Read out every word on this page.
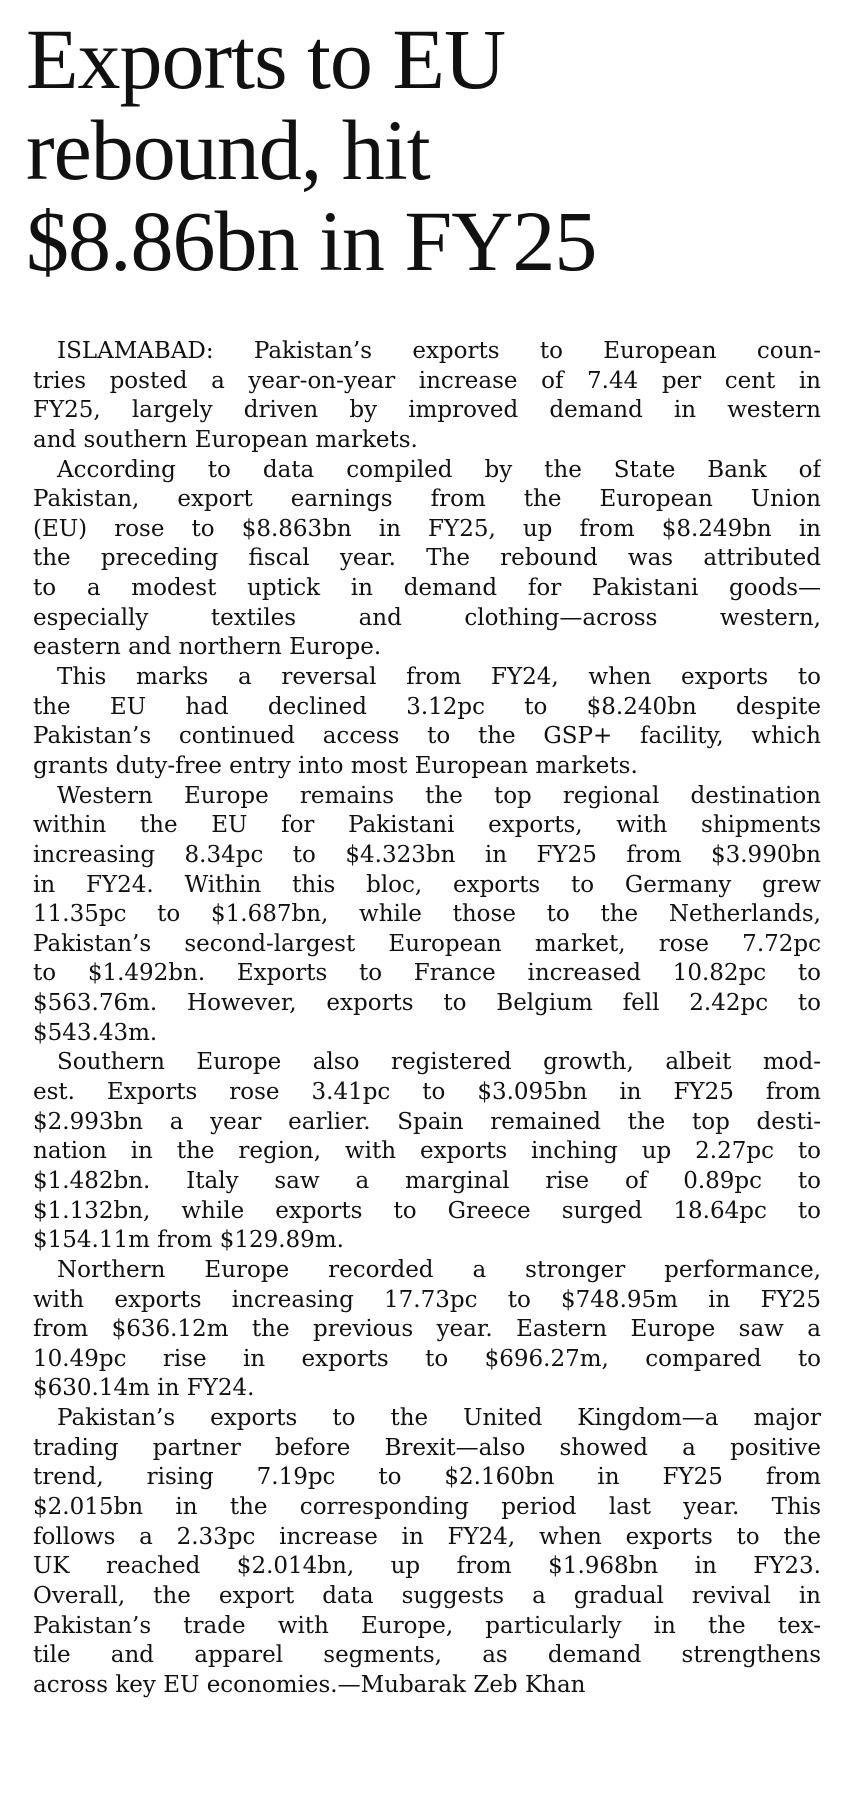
Exports to EU
rebound, hit
$8.86bn in FY25

ISLAMABAD: Pakistan’s exports to European coun-
tries posted a year-on-year increase of 7.44 per cent in
FY25, largely driven by improved demand in western
and southern European markets.

According to data compiled by the State Bank of
Pakistan, export earnings from the European Union
(EU) rose to $8.863bn in FY25, up from $8.249bn in
the preceding fiscal year. The rebound was attributed
to a modest uptick in demand for Pakistani goods—
especially textiles and clothing—across western,
eastern and northern Europe.

This marks a reversal from FY24, when exports to
the EU had declined 3.12pc to $8.240bn despite
Pakistan’s continued access to the GSP+ facility, which
grants duty-free entry into most European markets.

Western Europe remains the top regional destination
within the EU for Pakistani exports, with shipments
increasing 8.34pc to $4.323bn in FY25 from $3.990bn
in FY24. Within this bloc, exports to Germany grew
11.35pc to $1.687bn, while those to the Netherlands,
Pakistan’s second-largest European market, rose 7.72pc
to $1.492bn. Exports to France increased 10.82pc to
$563.76m. However, exports to Belgium fell 2.42pc to
$543.43m.

Southern Europe also registered growth, albeit mod-
est. Exports rose 3.41pc to $3.095bn in FY25 from
$2.993bn a year earlier. Spain remained the top desti-
nation in the region, with exports inching up 2.27pc to
$1.482bn. Italy saw a marginal rise of 0.89pc to
$1.132bn, while exports to Greece surged 18.64pc to
$154.11m from $129.89m.

Northern Europe recorded a stronger performance,
with exports increasing 17.73pc to $748.95m in FY25
from $636.12m the previous year. Eastern Europe saw a
10.49pc rise in exports to $696.27m, compared to
$630.14m in FY24.

Pakistan’s exports to the United Kingdom—a major
trading partner before Brexit—also showed a positive
trend, rising 7.19pc to $2.160bn in FY25 from
$2.015bn in the corresponding period last year. This
follows a 2.33pc increase in FY24, when exports to the
UK reached $2.014bn, up from $1.968bn in FY23.
Overall, the export data suggests a gradual revival in
Pakistan’s trade with Europe, particularly in the tex-
tile and apparel segments, as demand strengthens
across key EU economies.—Mubarak Zeb Khan
